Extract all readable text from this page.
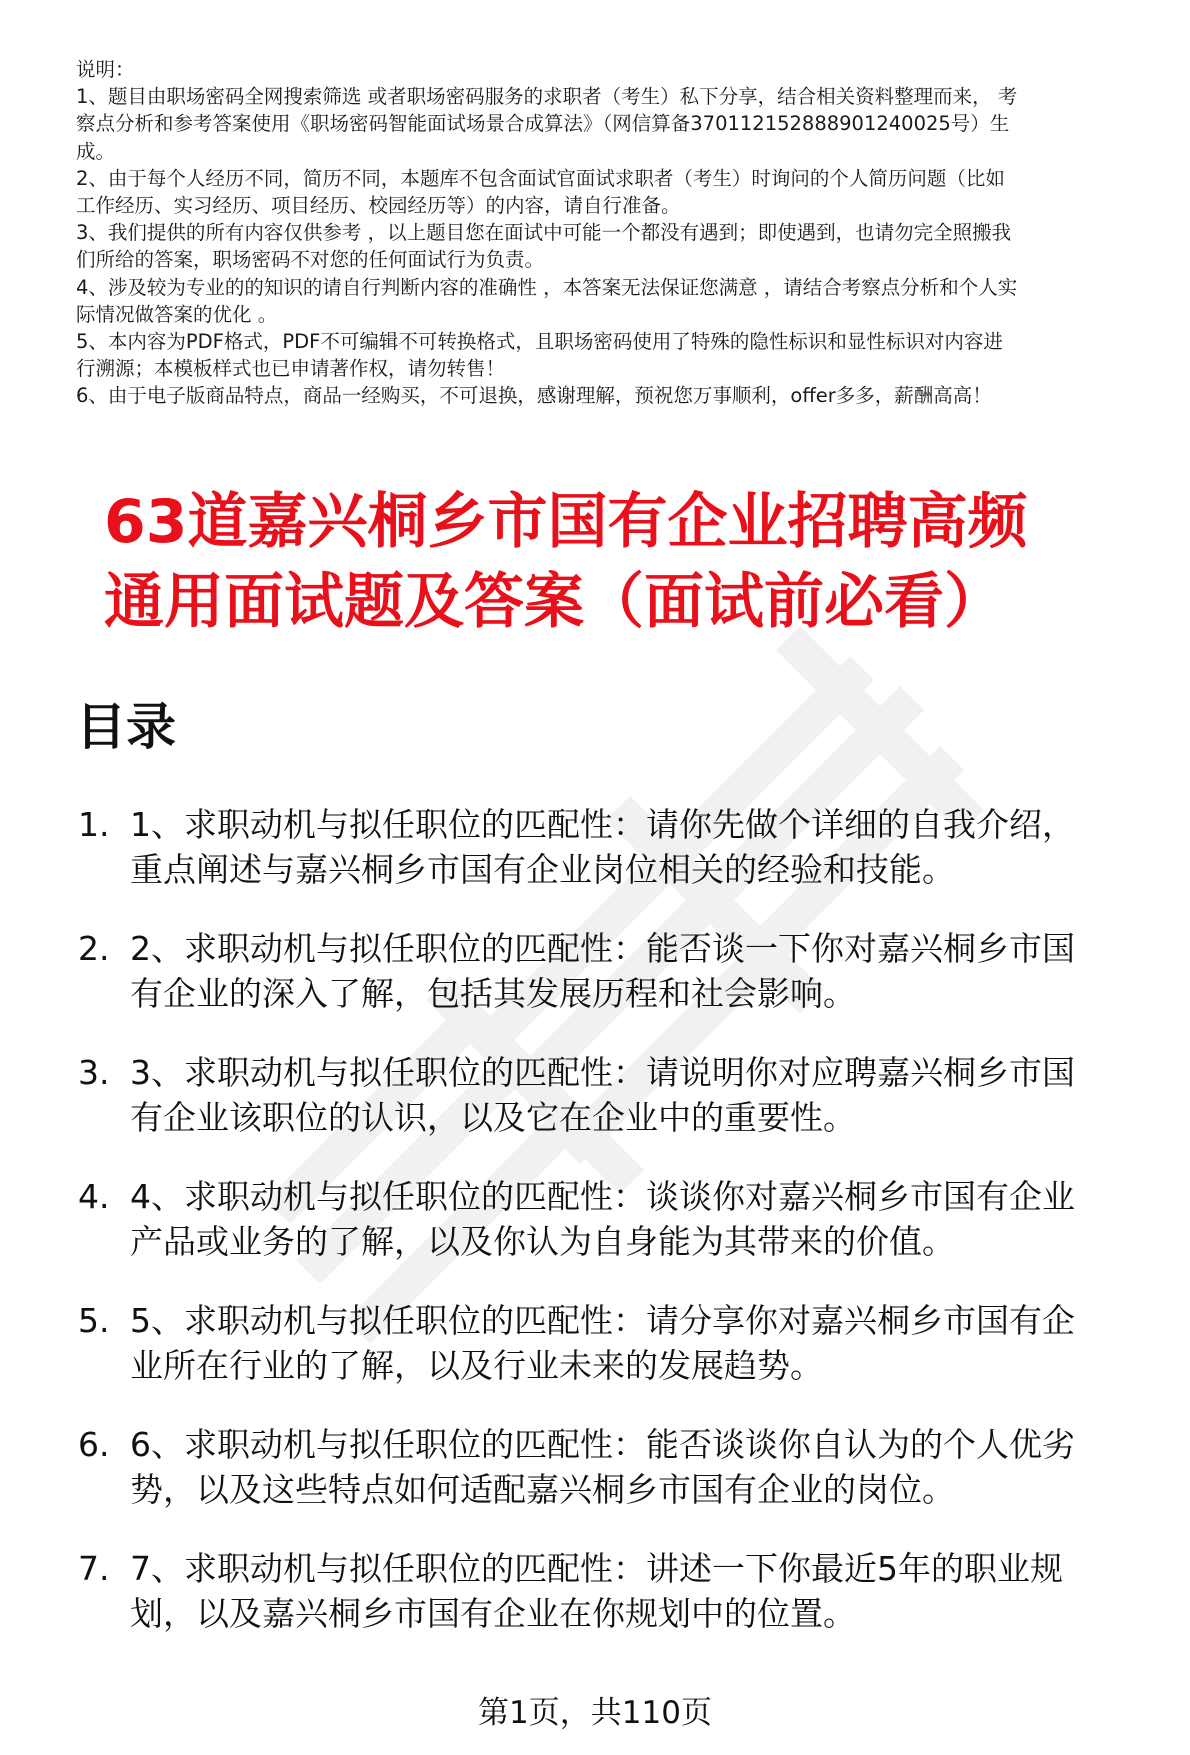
说明：

1、题目由职场密码全网搜索筛选 或者职场密码服务的求职者（考生）私下分享，结合相关资料整理而来， 考

察点分析和参考答案使用《职场密码智能面试场景合成算法》（网信算备370112152888901240025号）生

成。

2、由于每个人经历不同，简历不同，本题库不包含面试官面试求职者（考生）时询问的个人简历问题（比如

工作经历、实习经历、项目经历、校园经历等）的内容，请自行准备。

3、我们提供的所有内容仅供参考 ，以上题目您在面试中可能一个都没有遇到；即使遇到，也请勿完全照搬我

们所给的答案，职场密码不对您的任何面试行为负责。

4、涉及较为专业的的知识的请自行判断内容的准确性 ，本答案无法保证您满意 ，请结合考察点分析和个人实

际情况做答案的优化 。

5、本内容为PDF格式，PDF不可编辑不可转换格式，且职场密码使用了特殊的隐性标识和显性标识对内容进

行溯源；本模板样式也已申请著作权，请勿转售！

6、由于电子版商品特点，商品一经购买，不可退换，感谢理解，预祝您万事顺利，offer多多，薪酬高高！

63道嘉兴桐乡市国有企业招聘高频
通用面试题及答案（面试前必看）
目录
1. 1、求职动机与拟任职位的匹配性：请你先做个详细的自我介绍，
重点阐述与嘉兴桐乡市国有企业岗位相关的经验和技能。
2. 2、求职动机与拟任职位的匹配性：能否谈一下你对嘉兴桐乡市国
有企业的深入了解，包括其发展历程和社会影响。
3. 3、求职动机与拟任职位的匹配性：请说明你对应聘嘉兴桐乡市国
有企业该职位的认识，以及它在企业中的重要性。
4. 4、求职动机与拟任职位的匹配性：谈谈你对嘉兴桐乡市国有企业
产品或业务的了解，以及你认为自身能为其带来的价值。
5. 5、求职动机与拟任职位的匹配性：请分享你对嘉兴桐乡市国有企
业所在行业的了解，以及行业未来的发展趋势。
6. 6、求职动机与拟任职位的匹配性：能否谈谈你自认为的个人优劣
势，以及这些特点如何适配嘉兴桐乡市国有企业的岗位。
7. 7、求职动机与拟任职位的匹配性：讲述一下你最近5年的职业规
划，以及嘉兴桐乡市国有企业在你规划中的位置。
第1页，共110页
